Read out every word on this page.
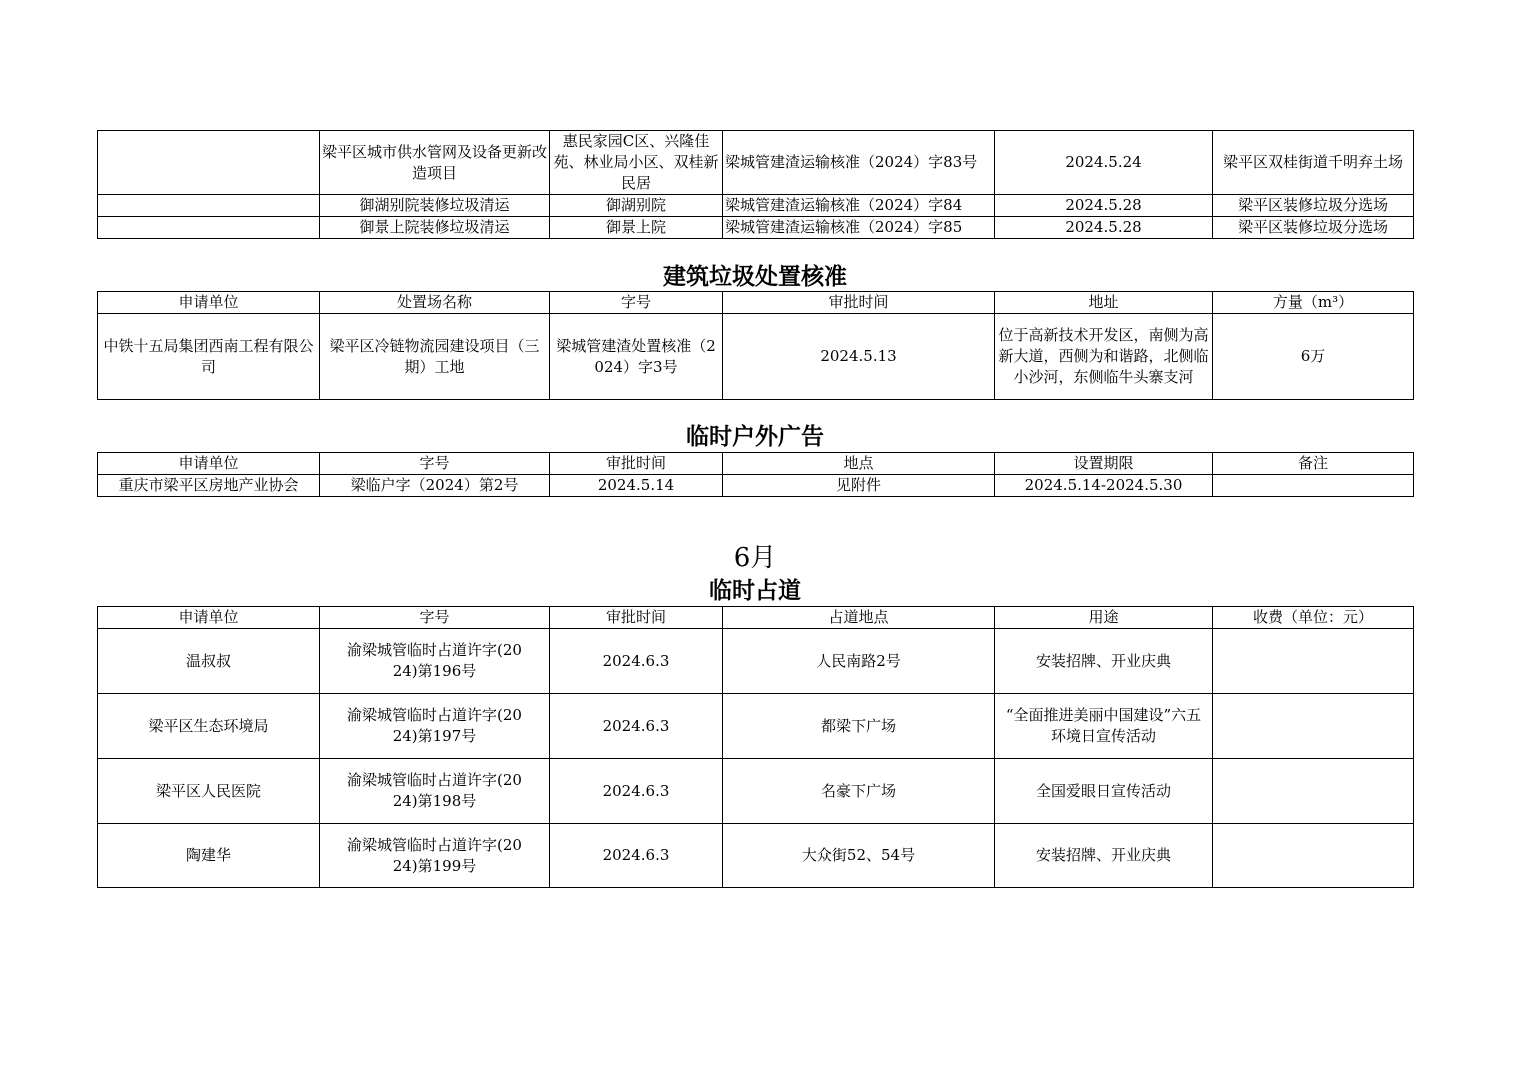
	梁平区城市供水管网及设备更新改造项目	惠民家园C区、兴隆佳苑、林业局小区、双桂新民居	梁城管建渣运输核准（2024）字83号	2024.5.24	梁平区双桂街道千明弃土场
	御湖别院装修垃圾清运	御湖别院	梁城管建渣运输核准（2024）字84	2024.5.28	梁平区装修垃圾分选场
	御景上院装修垃圾清运	御景上院	梁城管建渣运输核准（2024）字85	2024.5.28	梁平区装修垃圾分选场
建筑垃圾处置核准
申请单位	处置场名称	字号	审批时间	地址	方量（m³）
中铁十五局集团西南工程有限公司	梁平区冷链物流园建设项目（三期）工地	梁城管建渣处置核准（2024）字3号	2024.5.13	位于高新技术开发区，南侧为高新大道，西侧为和谐路，北侧临小沙河，东侧临牛头寨支河	6万
临时户外广告
申请单位	字号	审批时间	地点	设置期限	备注
重庆市梁平区房地产业协会	梁临户字（2024）第2号	2024.5.14	见附件	2024.5.14-2024.5.30	
6月
临时占道
申请单位	字号	审批时间	占道地点	用途	收费（单位：元）
温叔叔	渝梁城管临时占道许字(2024)第196号	2024.6.3	人民南路2号	安装招牌、开业庆典	
梁平区生态环境局	渝梁城管临时占道许字(2024)第197号	2024.6.3	都梁下广场	“全面推进美丽中国建设”六五环境日宣传活动	
梁平区人民医院	渝梁城管临时占道许字(2024)第198号	2024.6.3	名豪下广场	全国爱眼日宣传活动	
陶建华	渝梁城管临时占道许字(2024)第199号	2024.6.3	大众街52、54号	安装招牌、开业庆典	
